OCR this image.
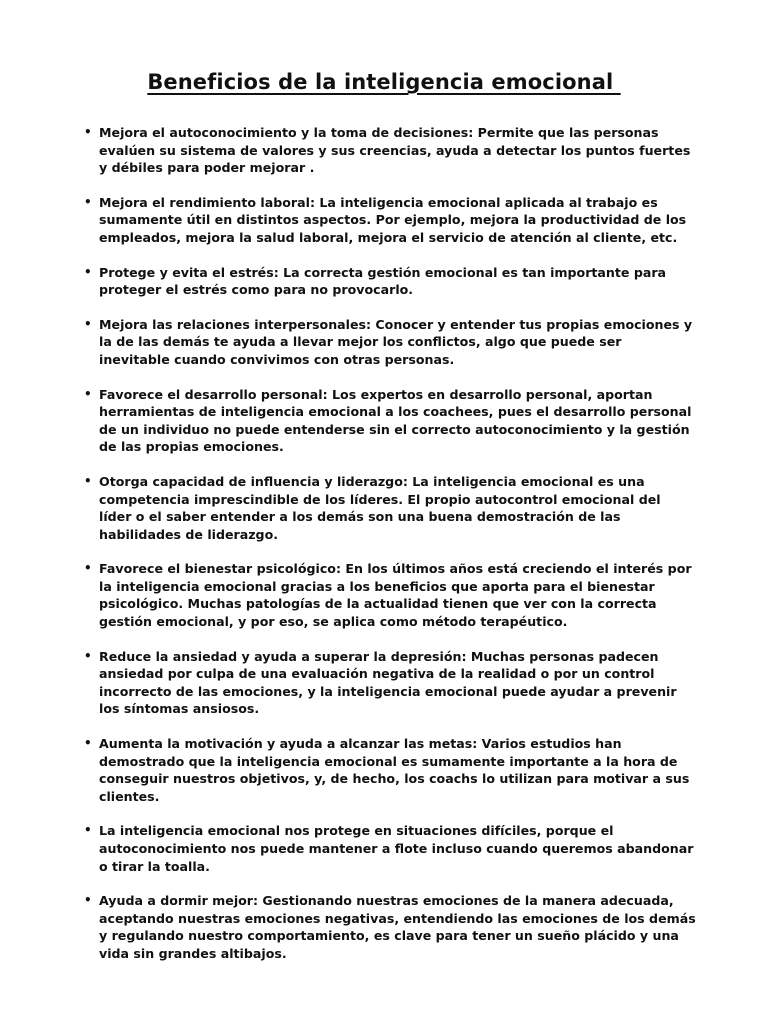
Beneficios de la inteligencia emocional
• Mejora el autoconocimiento y la toma de decisiones: Permite que las personas evalúen su sistema de valores y sus creencias, ayuda a detectar los puntos fuertes y débiles para poder mejorar .
• Mejora el rendimiento laboral: La inteligencia emocional aplicada al trabajo es sumamente útil en distintos aspectos. Por ejemplo, mejora la productividad de los empleados, mejora la salud laboral, mejora el servicio de atención al cliente, etc.
• Protege y evita el estrés: La correcta gestión emocional es tan importante para proteger el estrés como para no provocarlo.
• Mejora las relaciones interpersonales: Conocer y entender tus propias emociones y la de las demás te ayuda a llevar mejor los conflictos, algo que puede ser inevitable cuando convivimos con otras personas.
• Favorece el desarrollo personal: Los expertos en desarrollo personal, aportan herramientas de inteligencia emocional a los coachees, pues el desarrollo personal de un individuo no puede entenderse sin el correcto autoconocimiento y la gestión de las propias emociones.
• Otorga capacidad de influencia y liderazgo: La inteligencia emocional es una competencia imprescindible de los líderes. El propio autocontrol emocional del líder o el saber entender a los demás son una buena demostración de las habilidades de liderazgo.
• Favorece el bienestar psicológico: En los últimos años está creciendo el interés por la inteligencia emocional gracias a los beneficios que aporta para el bienestar psicológico. Muchas patologías de la actualidad tienen que ver con la correcta gestión emocional, y por eso, se aplica como método terapéutico.
• Reduce la ansiedad y ayuda a superar la depresión: Muchas personas padecen ansiedad por culpa de una evaluación negativa de la realidad o por un control incorrecto de las emociones, y la inteligencia emocional puede ayudar a prevenir los síntomas ansiosos.
• Aumenta la motivación y ayuda a alcanzar las metas: Varios estudios han demostrado que la inteligencia emocional es sumamente importante a la hora de conseguir nuestros objetivos, y, de hecho, los coachs lo utilizan para motivar a sus clientes.
• La inteligencia emocional nos protege en situaciones difíciles, porque el autoconocimiento nos puede mantener a flote incluso cuando queremos abandonar o tirar la toalla.
• Ayuda a dormir mejor: Gestionando nuestras emociones de la manera adecuada, aceptando nuestras emociones negativas, entendiendo las emociones de los demás y regulando nuestro comportamiento, es clave para tener un sueño plácido y una vida sin grandes altibajos.
